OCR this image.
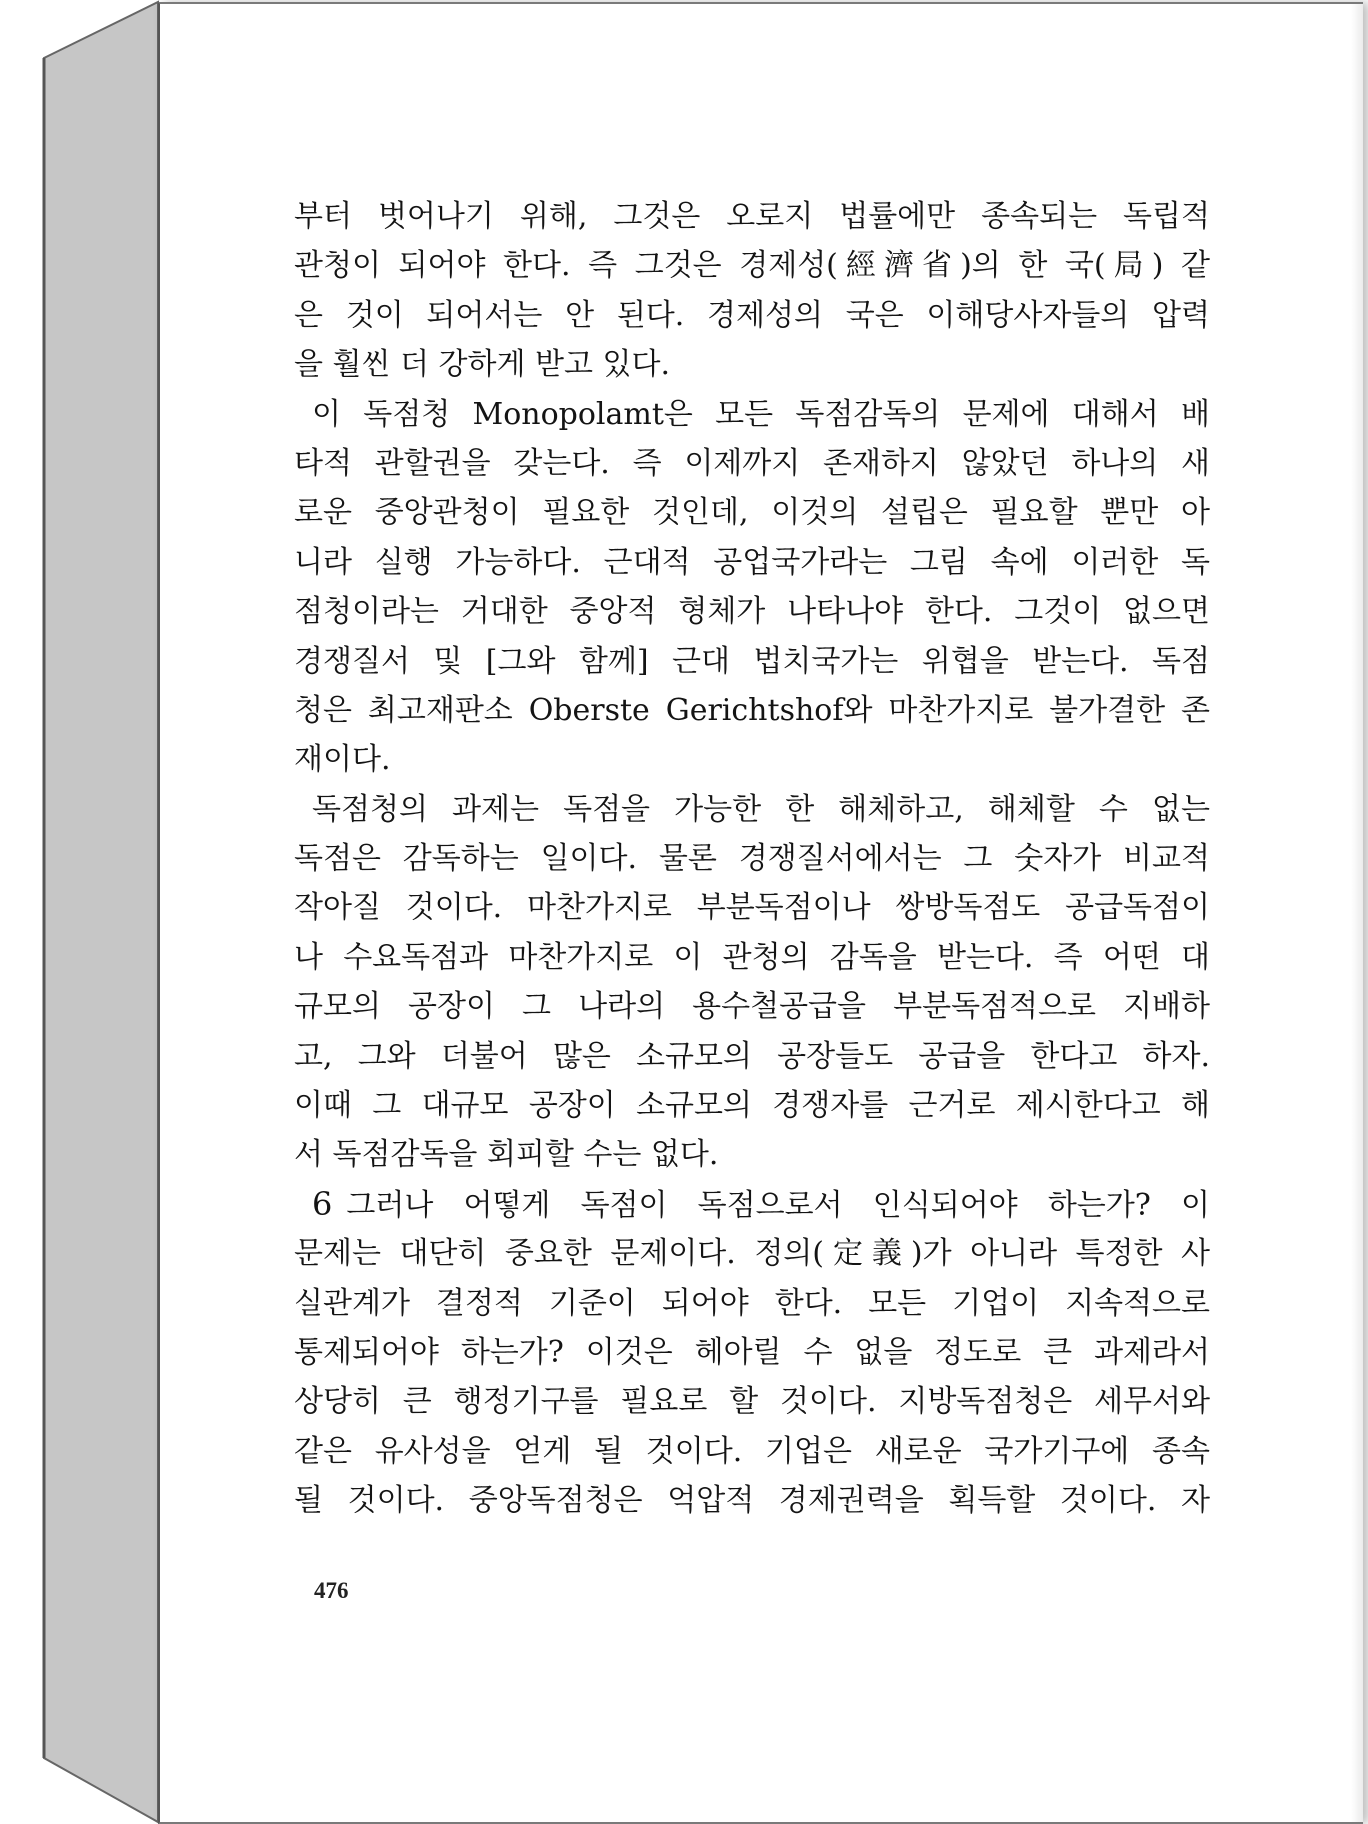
부터 벗어나기 위해, 그것은 오로지 법률에만 종속되는 독립적
관청이 되어야 한다. 즉 그것은 경제성(經濟省)의 한 국(局) 같
은 것이 되어서는 안 된다. 경제성의 국은 이해당사자들의 압력
을 훨씬 더 강하게 받고 있다.
이 독점청 Monopolamt은 모든 독점감독의 문제에 대해서 배
타적 관할권을 갖는다. 즉 이제까지 존재하지 않았던 하나의 새
로운 중앙관청이 필요한 것인데, 이것의 설립은 필요할 뿐만 아
니라 실행 가능하다. 근대적 공업국가라는 그림 속에 이러한 독
점청이라는 거대한 중앙적 형체가 나타나야 한다. 그것이 없으면
경쟁질서 및 [그와 함께] 근대 법치국가는 위협을 받는다. 독점
청은 최고재판소 Oberste Gerichtshof와 마찬가지로 불가결한 존
재이다.
독점청의 과제는 독점을 가능한 한 해체하고, 해체할 수 없는
독점은 감독하는 일이다. 물론 경쟁질서에서는 그 숫자가 비교적
작아질 것이다. 마찬가지로 부분독점이나 쌍방독점도 공급독점이
나 수요독점과 마찬가지로 이 관청의 감독을 받는다. 즉 어떤 대
규모의 공장이 그 나라의 용수철공급을 부분독점적으로 지배하
고, 그와 더불어 많은 소규모의 공장들도 공급을 한다고 하자.
이때 그 대규모 공장이 소규모의 경쟁자를 근거로 제시한다고 해
서 독점감독을 회피할 수는 없다.
6 그러나 어떻게 독점이 독점으로서 인식되어야 하는가? 이
문제는 대단히 중요한 문제이다. 정의(定義)가 아니라 특정한 사
실관계가 결정적 기준이 되어야 한다. 모든 기업이 지속적으로
통제되어야 하는가? 이것은 헤아릴 수 없을 정도로 큰 과제라서
상당히 큰 행정기구를 필요로 할 것이다. 지방독점청은 세무서와
같은 유사성을 얻게 될 것이다. 기업은 새로운 국가기구에 종속
될 것이다. 중앙독점청은 억압적 경제권력을 획득할 것이다. 자
476
